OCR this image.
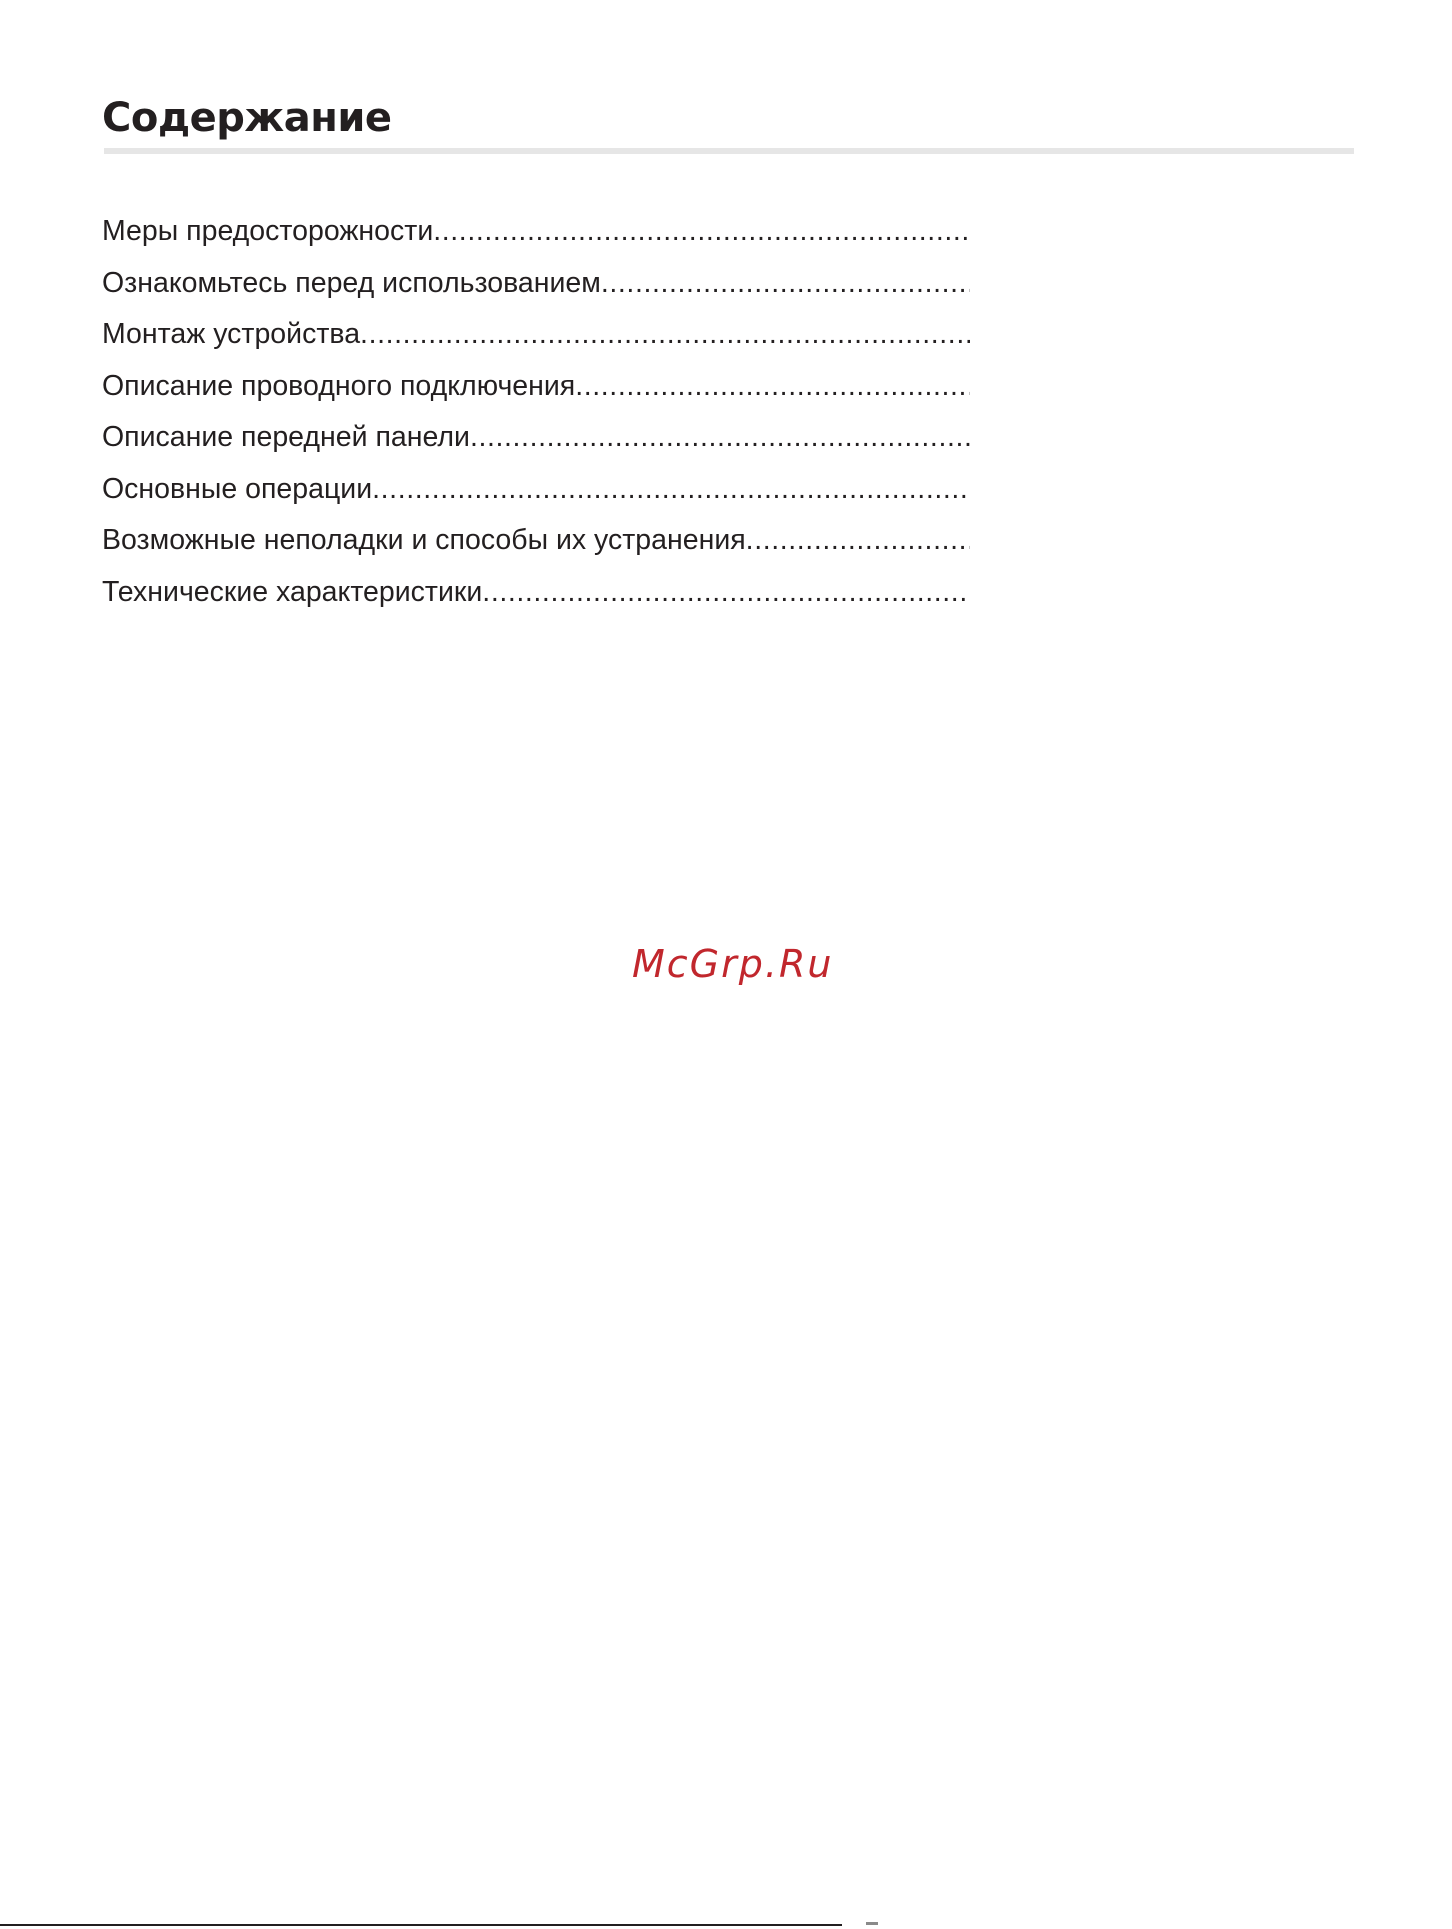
Содержание
Меры предосторожности
.....
Ознакомьтесь перед использованием
.....
Монтаж устройства
.....
Описание проводного подключения
.....
Описание передней панели
.....
Основные операции
.....
Возможные неполадки и способы их устранения
.....
Технические характеристики
.....
McGrp.Ru
